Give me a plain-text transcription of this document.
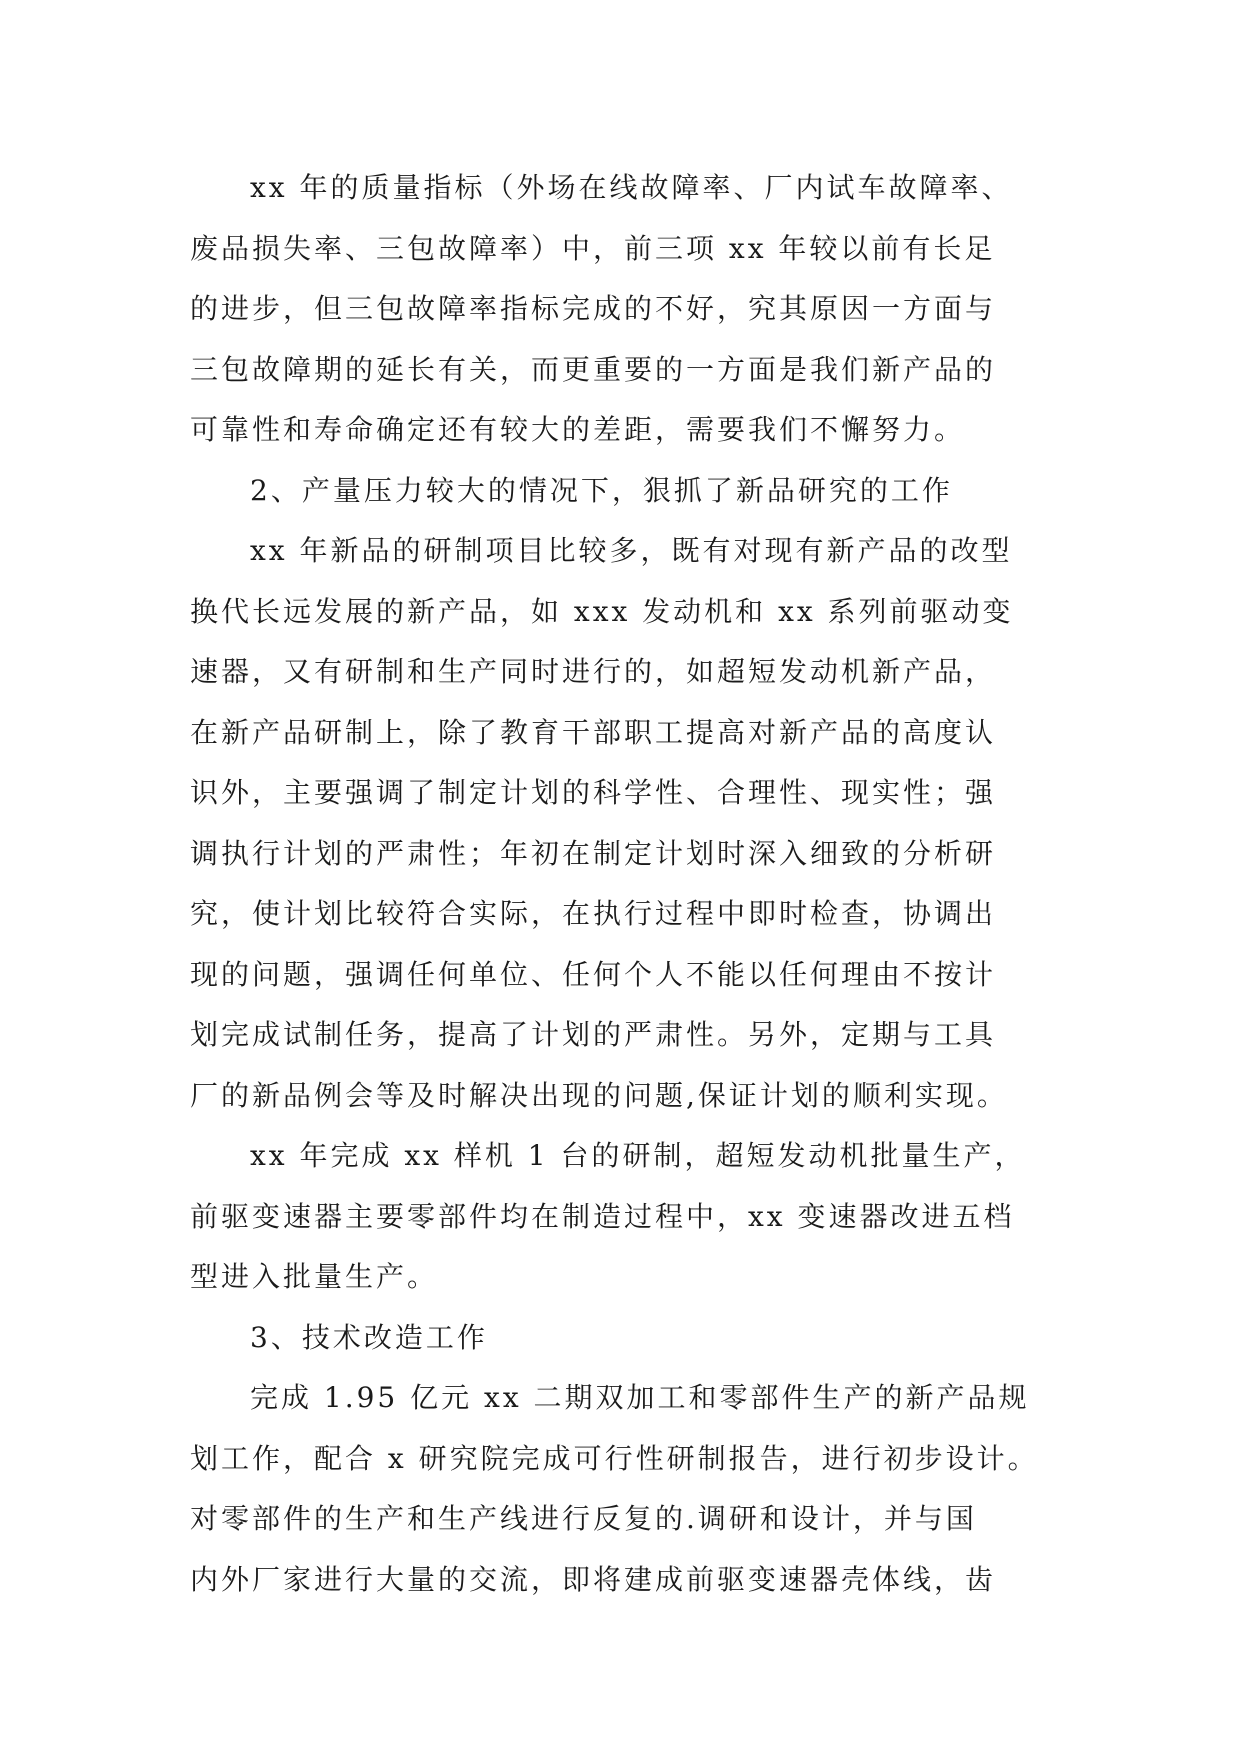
xx 年的质量指标（外场在线故障率、厂内试车故障率、
废品损失率、三包故障率）中，前三项 xx 年较以前有长足
的进步，但三包故障率指标完成的不好，究其原因一方面与
三包故障期的延长有关，而更重要的一方面是我们新产品的
可靠性和寿命确定还有较大的差距，需要我们不懈努力。
2、产量压力较大的情况下，狠抓了新品研究的工作
xx 年新品的研制项目比较多，既有对现有新产品的改型
换代长远发展的新产品，如 xxx 发动机和 xx 系列前驱动变
速器，又有研制和生产同时进行的，如超短发动机新产品，
在新产品研制上，除了教育干部职工提高对新产品的高度认
识外，主要强调了制定计划的科学性、合理性、现实性；强
调执行计划的严肃性；年初在制定计划时深入细致的分析研
究，使计划比较符合实际，在执行过程中即时检查，协调出
现的问题，强调任何单位、任何个人不能以任何理由不按计
划完成试制任务，提高了计划的严肃性。另外，定期与工具
厂的新品例会等及时解决出现的问题,保证计划的顺利实现。
xx 年完成 xx 样机 1 台的研制，超短发动机批量生产，
前驱变速器主要零部件均在制造过程中，xx 变速器改进五档
型进入批量生产。
3、技术改造工作
完成 1.95 亿元 xx 二期双加工和零部件生产的新产品规
划工作，配合 x 研究院完成可行性研制报告，进行初步设计。
对零部件的生产和生产线进行反复的.调研和设计，并与国
内外厂家进行大量的交流，即将建成前驱变速器壳体线，齿
